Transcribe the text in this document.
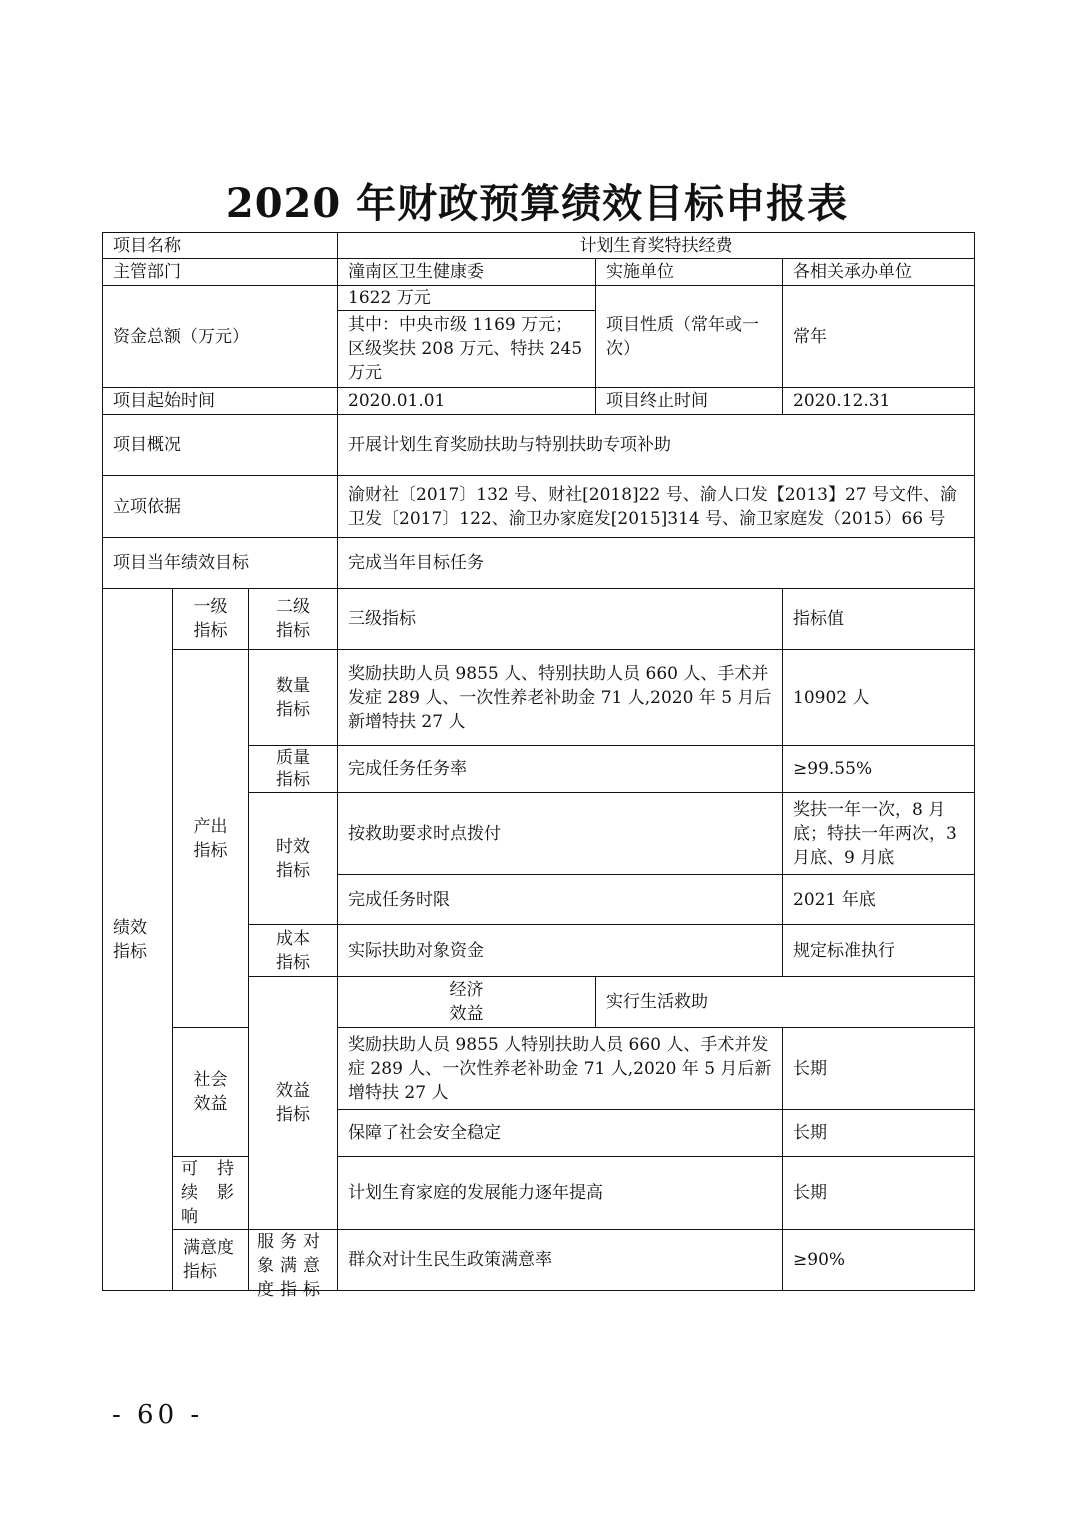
2020 年财政预算绩效目标申报表
项目名称			计划生育奖特扶经费			
主管部门			潼南区卫生健康委	实施单位	各相关承办单位	
资金总额（万元）			1622 万元	项目性质（常年或一次）	常年	
			其中：中央市级 1169 万元；区级奖扶 208 万元、特扶 245 万元			
项目起始时间			2020.01.01	项目终止时间	2020.12.31	
项目概况			开展计划生育奖励扶助与特别扶助专项补助			
立项依据			渝财社〔2017〕132 号、财社[2018]22 号、渝人口发【2013】27 号文件、渝卫发〔2017〕122、渝卫办家庭发[2015]314 号、渝卫家庭发（2015）66 号			
项目当年绩效目标			完成当年目标任务			

绩效指标	一级指标	二级指标	三级指标		指标值	
	产出指标	数量指标	奖励扶助人员 9855 人、特别扶助人员 660 人、手术并发症 289 人、一次性养老补助金 71 人,2020 年 5 月后新增特扶 27 人		10902 人	
		质量指标	完成任务任务率		≥99.55%	
		时效指标	按救助要求时点拨付		奖扶一年一次，8 月底；特扶一年两次，3 月底、9 月底	
			完成任务时限		2021 年底	
		成本指标	实际扶助对象资金		规定标准执行	
		效益指标	经济效益	实行生活救助	
	社会效益		奖励扶助人员 9855 人特别扶助人员 660 人、手术并发症 289 人、一次性养老补助金 71 人,2020 年 5 月后新增特扶 27 人		长期	
			保障了社会安全稳定		长期	
	可持续影响		计划生育家庭的发展能力逐年提高		长期	
	满意度指标	服务对象满意度指标	群众对计生民生政策满意率		≥90%	
- 60 -
